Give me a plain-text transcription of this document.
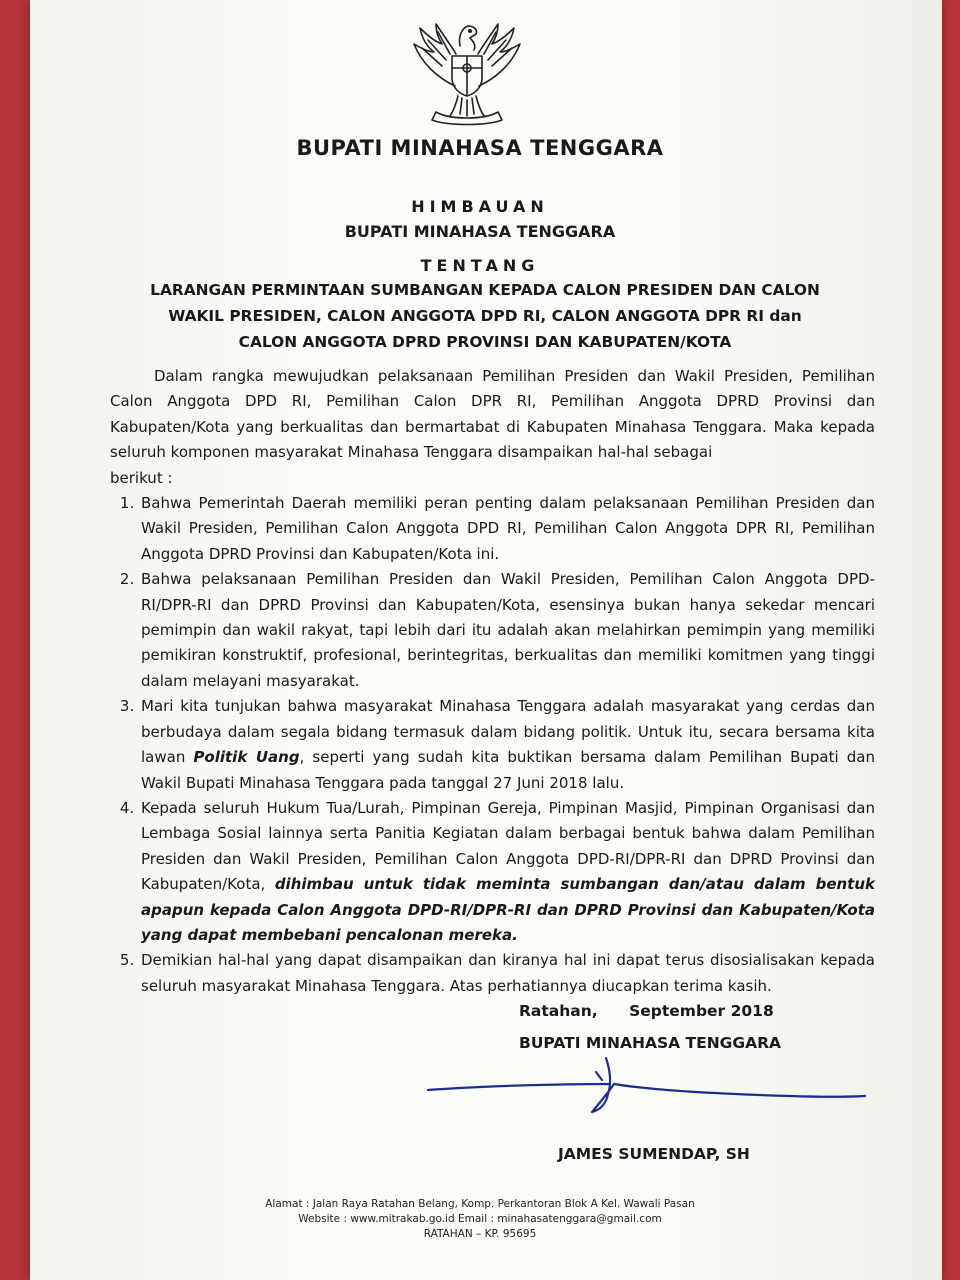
BUPATI MINAHASA TENGGARA
HIMBAUAN
BUPATI MINAHASA TENGGARA
TENTANG
LARANGAN PERMINTAAN SUMBANGAN KEPADA CALON PRESIDEN DAN CALON
WAKIL PRESIDEN, CALON ANGGOTA DPD RI, CALON ANGGOTA DPR RI dan
CALON ANGGOTA DPRD PROVINSI DAN KABUPATEN/KOTA

Dalam rangka mewujudkan pelaksanaan Pemilihan Presiden dan Wakil Presiden, Pemilihan Calon Anggota DPD RI, Pemilihan Calon DPR RI, Pemilihan Anggota DPRD Provinsi dan Kabupaten/Kota yang berkualitas dan bermartabat di Kabupaten Minahasa Tenggara. Maka kepada seluruh komponen masyarakat Minahasa Tenggara disampaikan hal-hal sebagai

berikut :

1. Bahwa Pemerintah Daerah memiliki peran penting dalam pelaksanaan Pemilihan Presiden dan Wakil Presiden, Pemilihan Calon Anggota DPD RI, Pemilihan Calon Anggota DPR RI, Pemilihan Anggota DPRD Provinsi dan Kabupaten/Kota ini.
2. Bahwa pelaksanaan Pemilihan Presiden dan Wakil Presiden, Pemilihan Calon Anggota DPD-RI/DPR-RI dan DPRD Provinsi dan Kabupaten/Kota, esensinya bukan hanya sekedar mencari pemimpin dan wakil rakyat, tapi lebih dari itu adalah akan melahirkan pemimpin yang memiliki pemikiran konstruktif, profesional, berintegritas, berkualitas dan memiliki komitmen yang tinggi dalam melayani masyarakat.
3. Mari kita tunjukan bahwa masyarakat Minahasa Tenggara adalah masyarakat yang cerdas dan berbudaya dalam segala bidang termasuk dalam bidang politik. Untuk itu, secara bersama kita lawan Politik Uang, seperti yang sudah kita buktikan bersama dalam Pemilihan Bupati dan Wakil Bupati Minahasa Tenggara pada tanggal 27 Juni 2018 lalu.
4. Kepada seluruh Hukum Tua/Lurah, Pimpinan Gereja, Pimpinan Masjid, Pimpinan Organisasi dan Lembaga Sosial lainnya serta Panitia Kegiatan dalam berbagai bentuk bahwa dalam Pemilihan Presiden dan Wakil Presiden, Pemilihan Calon Anggota DPD-RI/DPR-RI dan DPRD Provinsi dan Kabupaten/Kota, dihimbau untuk tidak meminta sumbangan dan/atau dalam bentuk apapun kepada Calon Anggota DPD-RI/DPR-RI dan DPRD Provinsi dan Kabupaten/Kota yang dapat membebani pencalonan mereka.
5. Demikian hal-hal yang dapat disampaikan dan kiranya hal ini dapat terus disosialisakan kepada seluruh masyarakat Minahasa Tenggara. Atas perhatiannya diucapkan terima kasih.
Ratahan, September 2018
BUPATI MINAHASA TENGGARA
JAMES SUMENDAP, SH
Alamat : Jalan Raya Ratahan Belang, Komp. Perkantoran Blok A Kel. Wawali Pasan
Website : www.mitrakab.go.id Email : minahasatenggara@gmail.com
RATAHAN – KP. 95695
